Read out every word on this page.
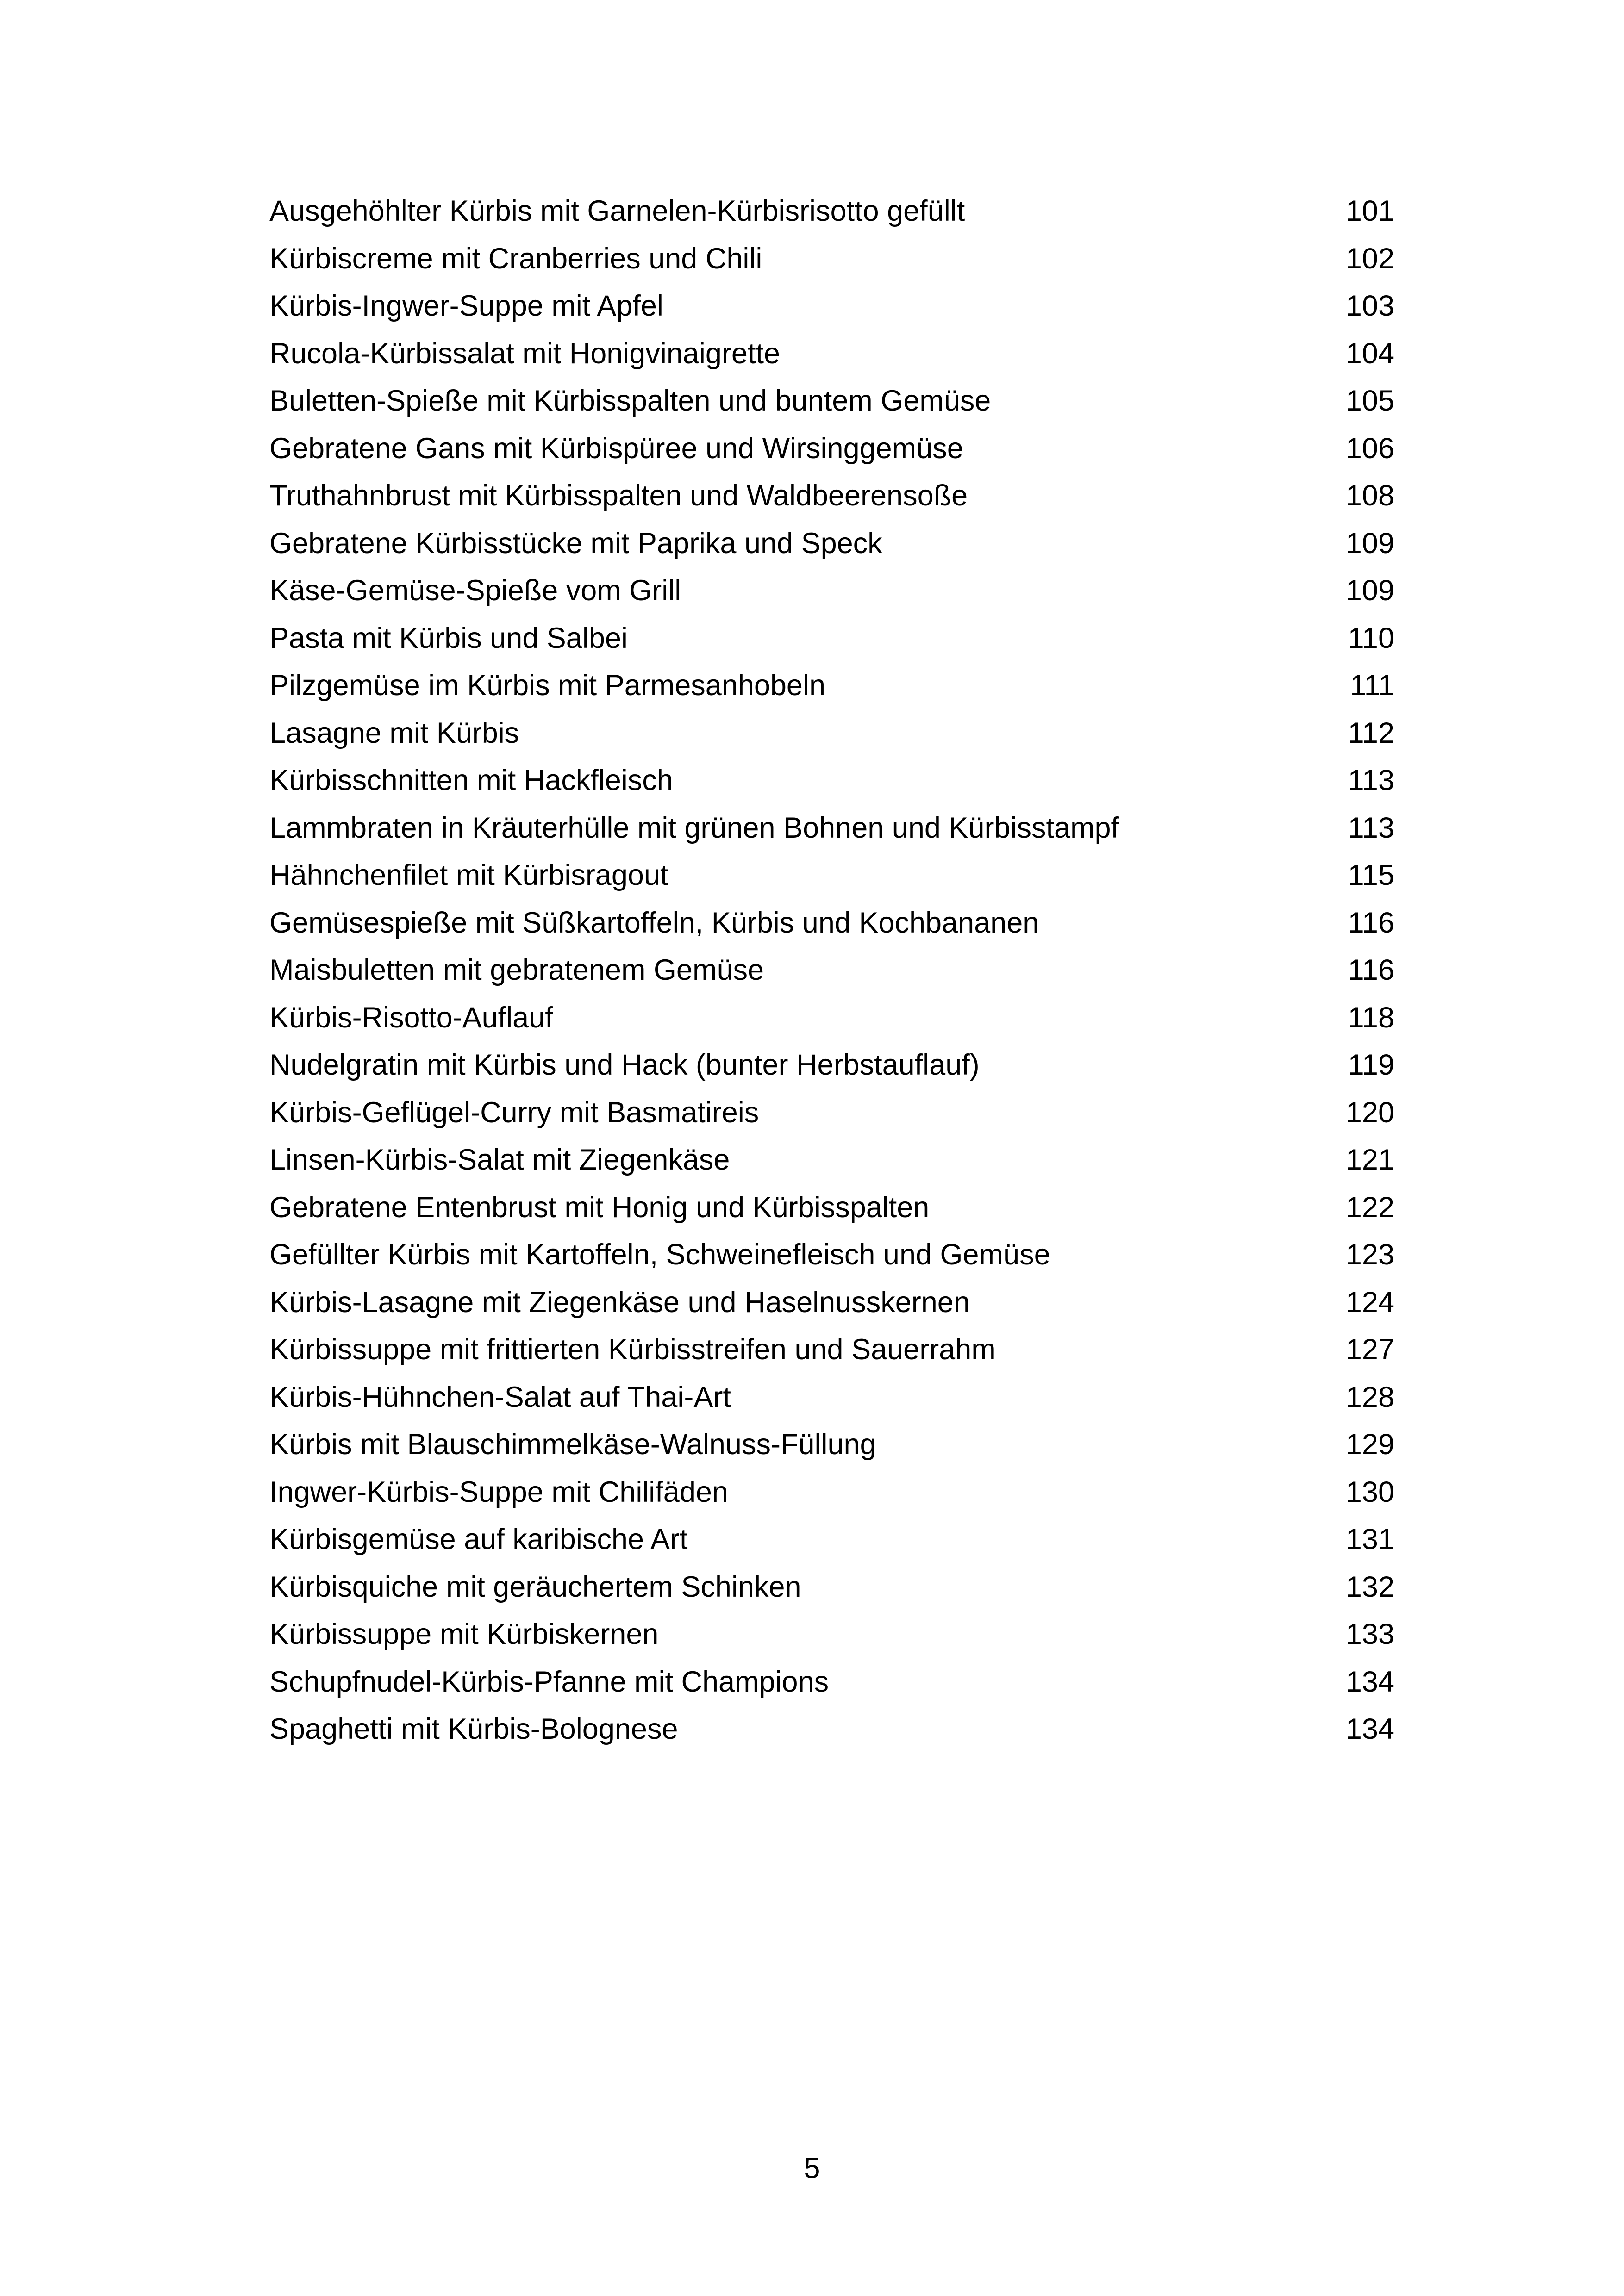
Ausgehöhlter Kürbis mit Garnelen-Kürbisrisotto gefüllt	101
Kürbiscreme mit Cranberries und Chili	102
Kürbis-Ingwer-Suppe mit Apfel	103
Rucola-Kürbissalat mit Honigvinaigrette	104
Buletten-Spieße mit Kürbisspalten und buntem Gemüse	105
Gebratene Gans mit Kürbispüree und Wirsinggemüse	106
Truthahnbrust mit Kürbisspalten und Waldbeerensoße	108
Gebratene Kürbisstücke mit Paprika und Speck	109
Käse-Gemüse-Spieße vom Grill	109
Pasta mit Kürbis und Salbei	110
Pilzgemüse im Kürbis mit Parmesanhobeln	111
Lasagne mit Kürbis	112
Kürbisschnitten mit Hackfleisch	113
Lammbraten in Kräuterhülle mit grünen Bohnen und Kürbisstampf	113
Hähnchenfilet mit Kürbisragout	115
Gemüsespieße mit Süßkartoffeln, Kürbis und Kochbananen	116
Maisbuletten mit gebratenem Gemüse	116
Kürbis-Risotto-Auflauf	118
Nudelgratin mit Kürbis und Hack (bunter Herbstauflauf)	119
Kürbis-Geflügel-Curry mit Basmatireis	120
Linsen-Kürbis-Salat mit Ziegenkäse	121
Gebratene Entenbrust mit Honig und Kürbisspalten	122
Gefüllter Kürbis mit Kartoffeln, Schweinefleisch und Gemüse	123
Kürbis-Lasagne mit Ziegenkäse und Haselnusskernen	124
Kürbissuppe mit frittierten Kürbisstreifen und Sauerrahm	127
Kürbis-Hühnchen-Salat auf Thai-Art	128
Kürbis mit Blauschimmelkäse-Walnuss-Füllung	129
Ingwer-Kürbis-Suppe mit Chilifäden	130
Kürbisgemüse auf karibische Art	131
Kürbisquiche mit geräuchertem Schinken	132
Kürbissuppe mit Kürbiskernen	133
Schupfnudel-Kürbis-Pfanne mit Champions	134
Spaghetti mit Kürbis-Bolognese	134
5
